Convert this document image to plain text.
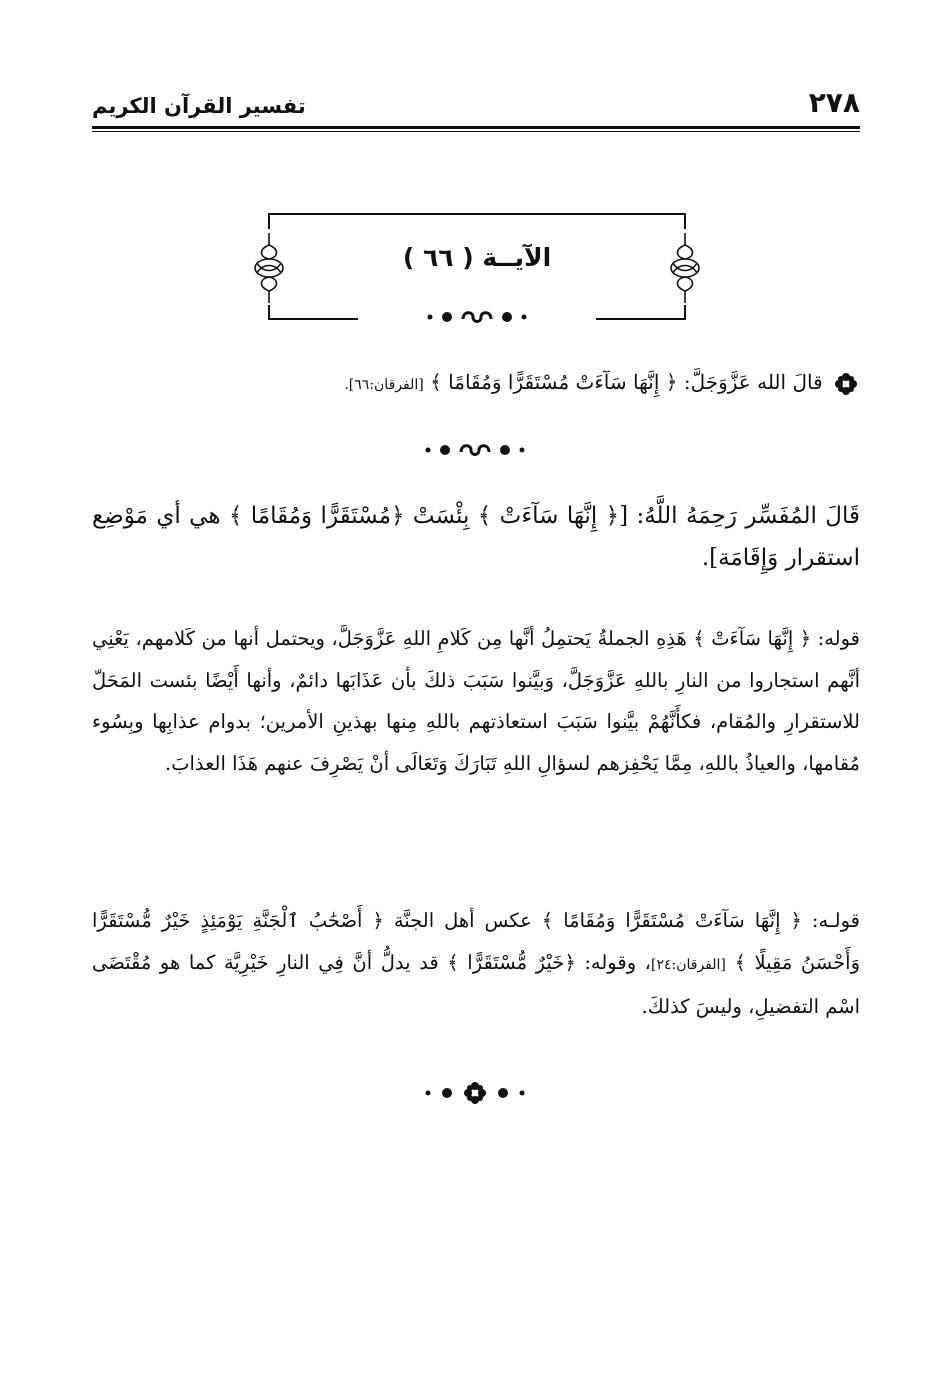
٢٧٨
تفسير القرآن الكريم
الآيــة ( ٦٦ )
قالَ الله عَزَّوَجَلَّ: ﴿ إِنَّهَا سَآءَتْ مُسْتَقَرًّا وَمُقَامًا ﴾ [الفرقان:٦٦].

قَالَ المُفَسِّر رَحِمَهُ اللَّهُ: [﴿ إِنَّهَا سَآءَتْ ﴾ بِئْسَتْ ﴿مُسْتَقَرًّا وَمُقَامًا ﴾ هي أي مَوْضِع استقرار وَإِقَامَة].

قوله: ﴿ إِنَّهَا سَآءَتْ ﴾ هَذِهِ الجملةُ يَحتمِلُ أنَّها مِن كَلامِ اللهِ عَزَّوَجَلَّ، ويحتمل أنها من كَلامهم، يَعْنِي أنَّهم استجاروا من النارِ باللهِ عَزَّوَجَلَّ، وَبيَّنوا سَبَبَ ذلكَ بأن عَذَابَها دائمٌ، وأنها أَيْضًا بئست المَحَلّ للاستقرارِ والمُقام، فكأَنَّهُمْ بيَّنوا سَبَبَ استعاذتهم باللهِ مِنها بهذينِ الأمرين؛ بدوام عذابِها وبِسُوء مُقامها، والعياذُ باللهِ، مِمَّا يَحْفِزهم لسؤالِ اللهِ تَبَارَكَ وَتَعَالَى أنْ يَصْرِفَ عنهم هَذَا العذابَ.

قولـه: ﴿ إِنَّهَا سَآءَتْ مُسْتَقَرًّا وَمُقَامًا ﴾ عكس أهل الجنَّة ﴿ أَصْحَٰبُ ٱلْجَنَّةِ يَوْمَئِذٍ خَيْرٌ مُّسْتَقَرًّا وَأَحْسَنُ مَقِيلًا ﴾ [الفرقان:٢٤]، وقوله: ﴿خَيْرٌ مُّسْتَقَرًّا ﴾ قد يدلُّ أنَّ فِي النارِ خَيْرِيَّة كما هو مُقْتَضَى اسْم التفضيلِ، وليسَ كذلكَ.
